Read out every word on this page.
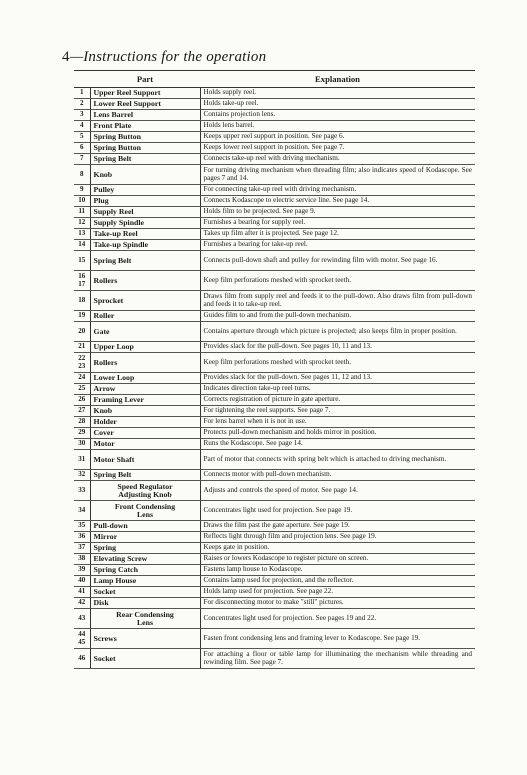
4—Instructions for the operation
	Part	Explanation
1	Upper Reel Support	Holds supply reel.
2	Lower Reel Support	Holds take-up reel.
3	Lens Barrel	Contains projection lens.
4	Front Plate	Holds lens barrel.
5	Spring Button	Keeps upper reel support in position. See page 6.
6	Spring Button	Keeps lower reel support in position. See page 7.
7	Spring Belt	Connects take-up reel with driving mechanism.
8	Knob	For turning driving mechanism when threading film; also indicates speed of Kodascope. See pages 7 and 14.
9	Pulley	For connecting take-up reel with driving mechanism.
10	Plug	Connects Kodascope to electric service line. See page 14.
11	Supply Reel	Holds film to be projected. See page 9.
12	Supply Spindle	Furnishes a bearing for supply reel.
13	Take-up Reel	Takes up film after it is projected. See page 12.
14	Take-up Spindle	Furnishes a bearing for take-up reel.
15	Spring Belt	Connects pull-down shaft and pulley for rewinding film with motor. See page 16.
16
17	Rollers	Keep film perforations meshed with sprocket teeth.
18	Sprocket	Draws film from supply reel and feeds it to the pull-down. Also draws film from pull-down and feeds it to take-up reel.
19	Roller	Guides film to and from the pull-down mechanism.
20	Gate	Contains aperture through which picture is projected; also keeps film in proper position.
21	Upper Loop	Provides slack for the pull-down. See pages 10, 11 and 13.
22
23	Rollers	Keep film perforations meshed with sprocket teeth.
24	Lower Loop	Provides slack for the pull-down. See pages 11, 12 and 13.
25	Arrow	Indicates direction take-up reel turns.
26	Framing Lever	Corrects registration of picture in gate aperture.
27	Knob	For tightening the reel supports. See page 7.
28	Holder	For lens barrel when it is not in use.
29	Cover	Protects pull-down mechanism and holds mirror in position.
30	Motor	Runs the Kodascope. See page 14.
31	Motor Shaft	Part of motor that connects with spring belt which is attached to driving mechanism.
32	Spring Belt	Connects motor with pull-down mechanism.
33	Speed Regulator
Adjusting Knob	Adjusts and controls the speed of motor. See page 14.
34	Front Condensing
Lens	Concentrates light used for projection. See page 19.
35	Pull-down	Draws the film past the gate aperture. See page 19.
36	Mirror	Reflects light through film and projection lens. See page 19.
37	Spring	Keeps gate in position.
38	Elevating Screw	Raises or lowers Kodascope to register picture on screen.
39	Spring Catch	Fastens lamp house to Kodascope.
40	Lamp House	Contains lamp used for projection, and the reflector.
41	Socket	Holds lamp used for projection. See page 22.
42	Disk	For disconnecting motor to make "still" pictures.
43	Rear Condensing
Lens	Concentrates light used for projection. See pages 19 and 22.
44
45	Screws	Fasten front condensing lens and framing lever to Kodascope. See page 19.
46	Socket	For attaching a floor or table lamp for illuminating the mechanism while threading and rewinding film. See page 7.
